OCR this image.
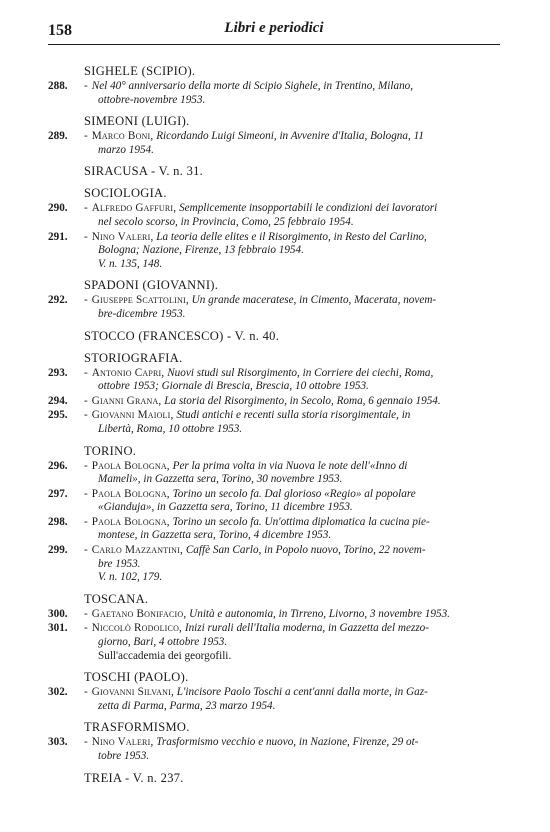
158	Libri e periodici
SIGHELE (SCIPIO).
288.	- Nel 40° anniversario della morte di Scipio Sighele, in Trentino, Milano,
ottobre-novembre 1953.
SIMEONI (LUIGI).
289.	- Marco Boni, Ricordando Luigi Simeoni, in Avvenire d'Italia, Bologna, 11
marzo 1954.
SIRACUSA - V. n. 31.
SOCIOLOGIA.
290.	- Alfredo Gaffuri, Semplicemente insopportabili le condizioni dei lavoratori
nel secolo scorso, in Provincia, Como, 25 febbraio 1954.
291.	- Nino Valeri, La teoria delle elites e il Risorgimento, in Resto del Carlino,
Bologna; Nazione, Firenze, 13 febbraio 1954.
V. n. 135, 148.
SPADONI (GIOVANNI).
292.	- Giuseppe Scattolini, Un grande maceratese, in Cimento, Macerata, novem-
bre-dicembre 1953.
STOCCO (FRANCESCO) - V. n. 40.
STORIOGRAFIA.
293.	- Antonio Capri, Nuovi studi sul Risorgimento, in Corriere dei ciechi, Roma,
ottobre 1953; Giornale di Brescia, Brescia, 10 ottobre 1953.
294.	- Gianni Grana, La storia del Risorgimento, in Secolo, Roma, 6 gennaio 1954.
295.	- Giovanni Maioli, Studi antichi e recenti sulla storia risorgimentale, in
Libertà, Roma, 10 ottobre 1953.
TORINO.
296.	- Paola Bologna, Per la prima volta in via Nuova le note dell'«Inno di
Mameli», in Gazzetta sera, Torino, 30 novembre 1953.
297.	- Paola Bologna, Torino un secolo fa. Dal glorioso «Regio» al popolare
«Gianduja», in Gazzetta sera, Torino, 11 dicembre 1953.
298.	- Paola Bologna, Torino un secolo fa. Un'ottima diplomatica la cucina pie-
montese, in Gazzetta sera, Torino, 4 dicembre 1953.
299.	- Carlo Mazzantini, Caffè San Carlo, in Popolo nuovo, Torino, 22 novem-
bre 1953.
V. n. 102, 179.
TOSCANA.
300.	- Gaetano Bonifacio, Unità e autonomia, in Tirreno, Livorno, 3 novembre 1953.
301.	- Niccolò Rodolico, Inizi rurali dell'Italia moderna, in Gazzetta del mezzo-
giorno, Bari, 4 ottobre 1953.
Sull'accademia dei georgofili.
TOSCHI (PAOLO).
302.	- Giovanni Silvani, L'incisore Paolo Toschi a cent'anni dalla morte, in Gaz-
zetta di Parma, Parma, 23 marzo 1954.
TRASFORMISMO.
303.	- Nino Valeri, Trasformismo vecchio e nuovo, in Nazione, Firenze, 29 ot-
tobre 1953.
TREIA - V. n. 237.
